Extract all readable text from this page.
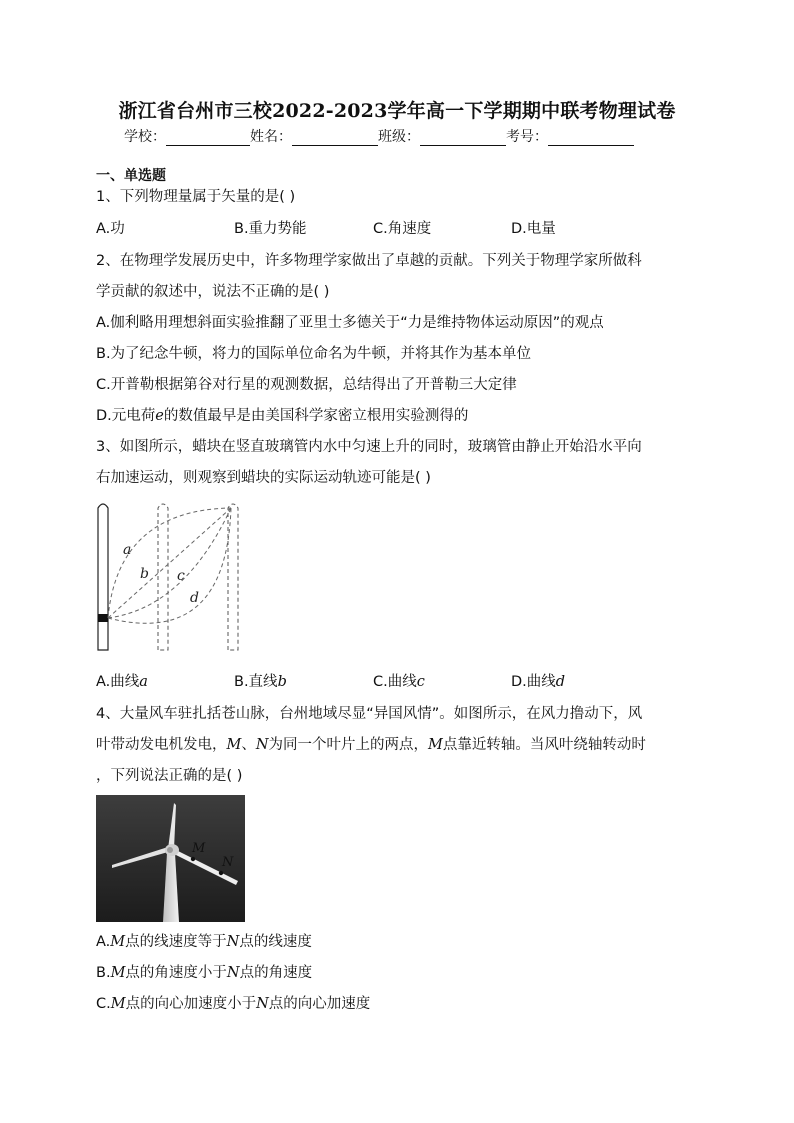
浙江省台州市三校2022-2023学年高一下学期期中联考物理试卷
学校：	姓名：	班级：	考号：
一、单选题
1、下列物理量属于矢量的是( )
A.功	B.重力势能	C.角速度	D.电量
2、在物理学发展历史中，许多物理学家做出了卓越的贡献。下列关于物理学家所做科
学贡献的叙述中，说法不正确的是( )
A.伽利略用理想斜面实验推翻了亚里士多德关于“力是维持物体运动原因”的观点
B.为了纪念牛顿，将力的国际单位命名为牛顿，并将其作为基本单位
C.开普勒根据第谷对行星的观测数据，总结得出了开普勒三大定律
D.元电荷e的数值最早是由美国科学家密立根用实验测得的
3、如图所示，蜡块在竖直玻璃管内水中匀速上升的同时，玻璃管由静止开始沿水平向
右加速运动，则观察到蜡块的实际运动轨迹可能是( )
a
b c
d
A.曲线a	B.直线b	C.曲线c	D.曲线d
4、大量风车驻扎括苍山脉，台州地域尽显“异国风情”。如图所示，在风力撸动下，风
叶带动发电机发电，M、N为同一个叶片上的两点，M点靠近转轴。当风叶绕轴转动时
，下列说法正确的是( )
M
N
A.M点的线速度等于N点的线速度
B.M点的角速度小于N点的角速度
C.M点的向心加速度小于N点的向心加速度
